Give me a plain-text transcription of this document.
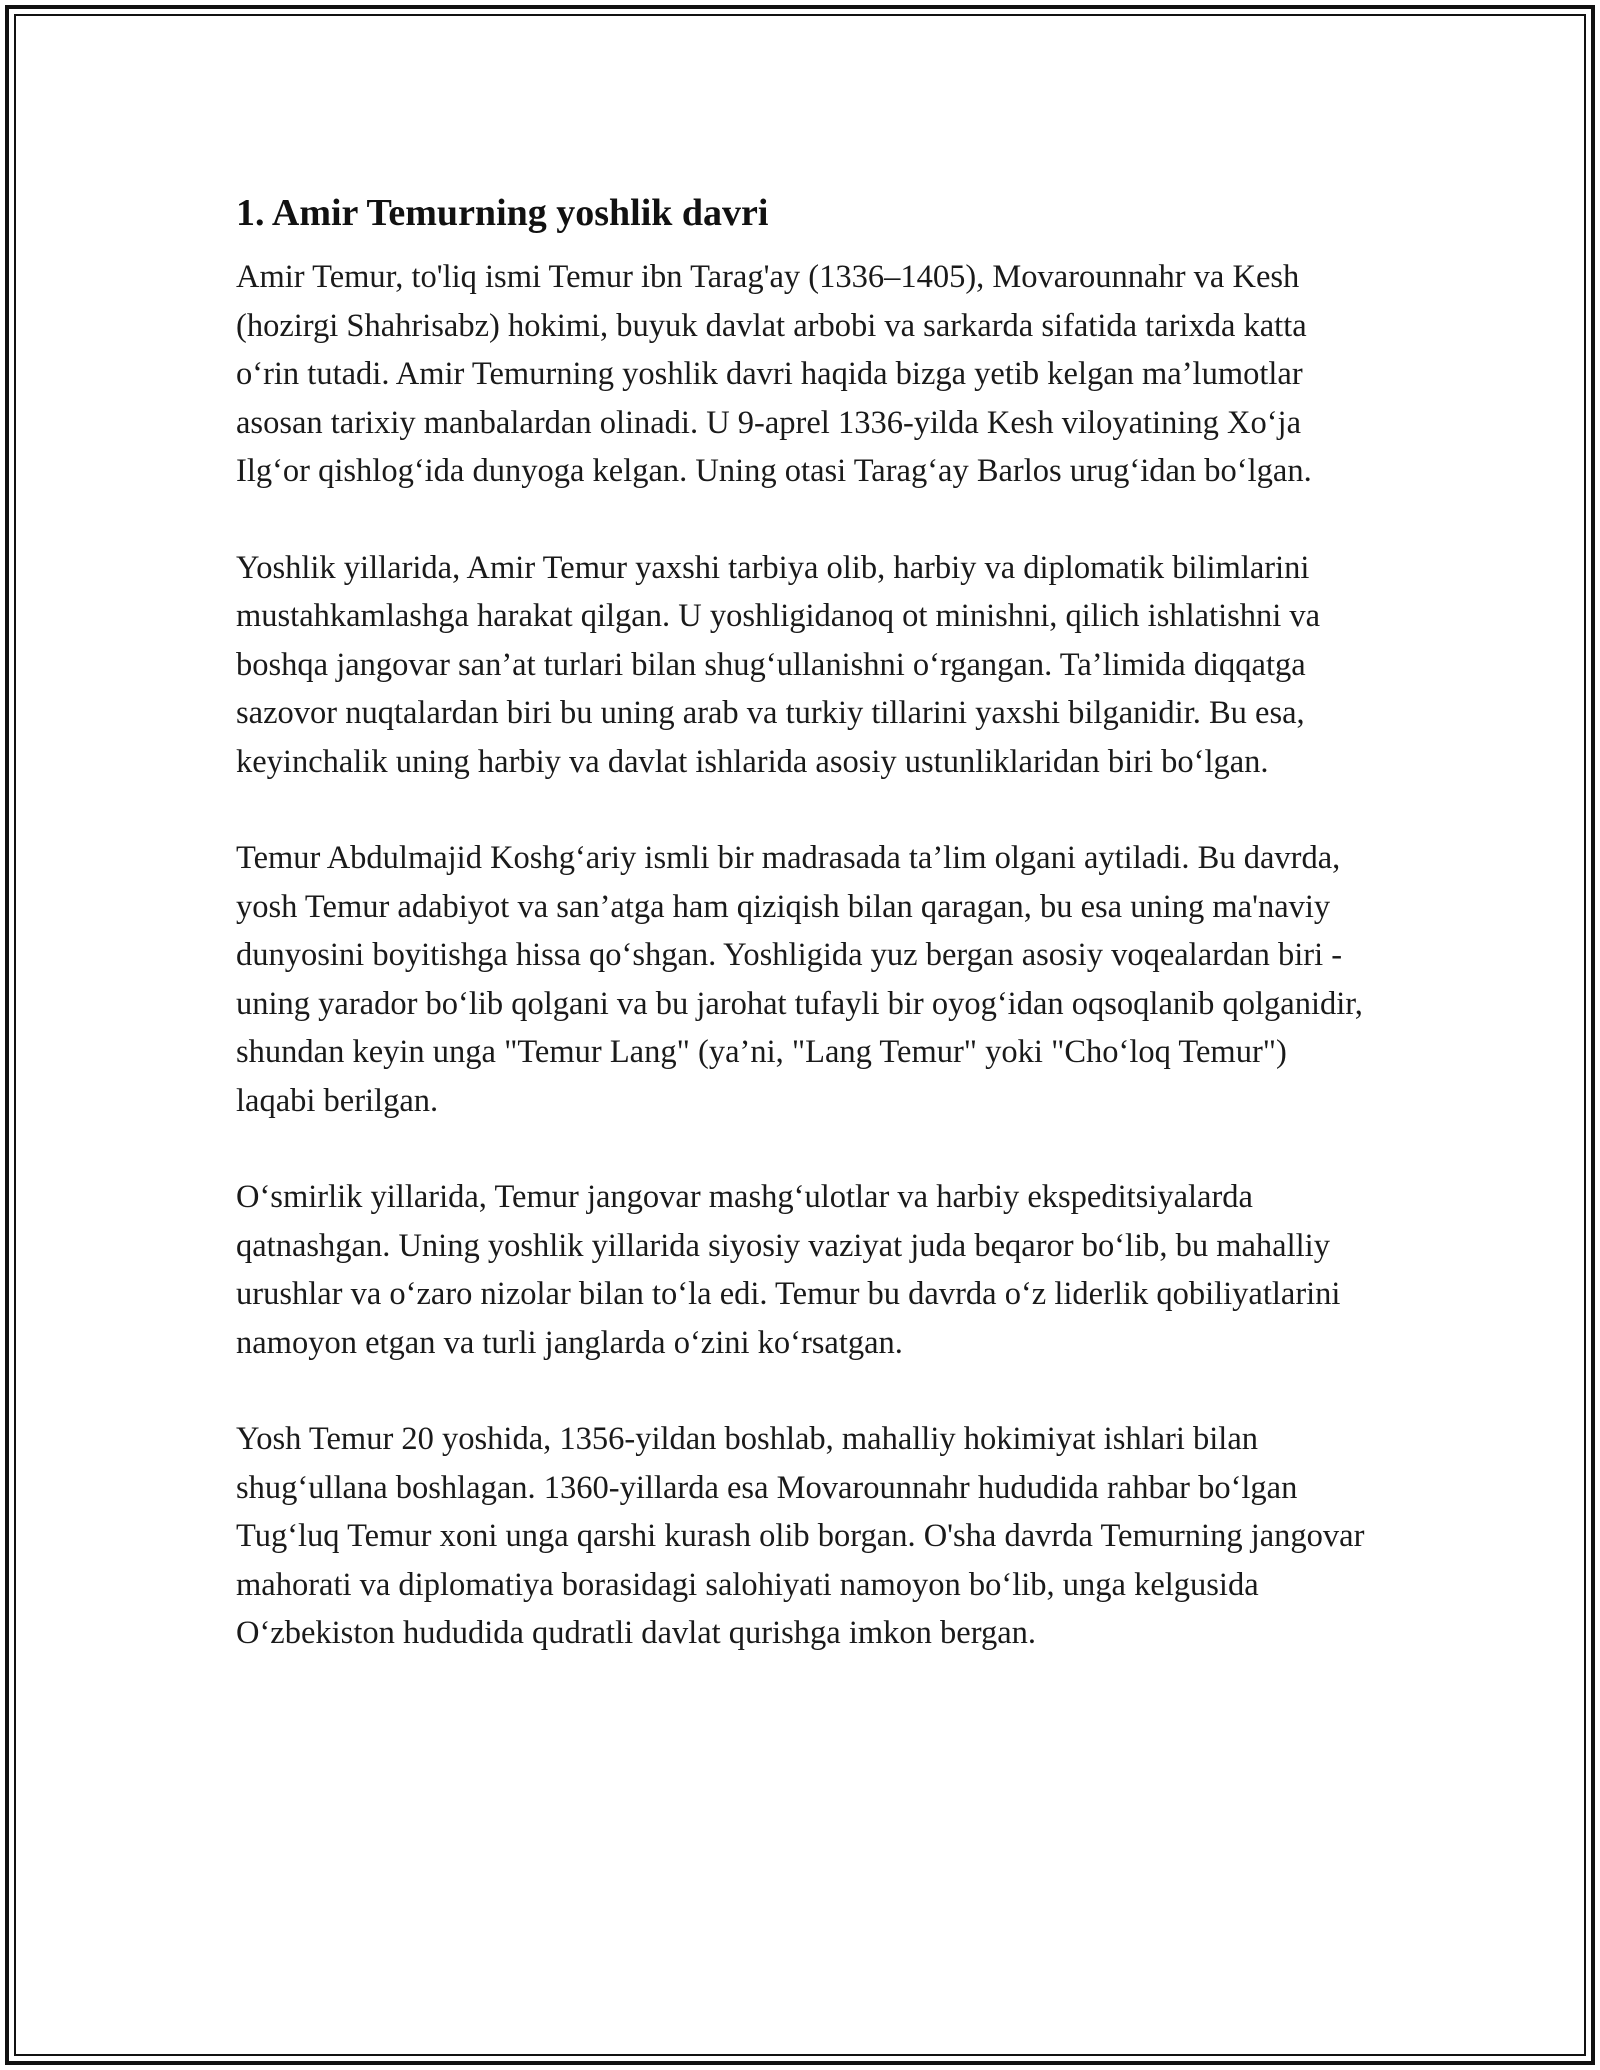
1. Amir Temurning yoshlik davri

Amir Temur, to'liq ismi Temur ibn Tarag'ay (1336–1405), Movarounnahr va Kesh (hozirgi Shahrisabz) hokimi, buyuk davlat arbobi va sarkarda sifatida tarixda katta o‘rin tutadi. Amir Temurning yoshlik davri haqida bizga yetib kelgan ma’lumotlar asosan tarixiy manbalardan olinadi. U 9-aprel 1336-yilda Kesh viloyatining Xo‘ja Ilg‘or qishlog‘ida dunyoga kelgan. Uning otasi Tarag‘ay Barlos urug‘idan bo‘lgan.

Yoshlik yillarida, Amir Temur yaxshi tarbiya olib, harbiy va diplomatik bilimlarini mustahkamlashga harakat qilgan. U yoshligidanoq ot minishni, qilich ishlatishni va boshqa jangovar san’at turlari bilan shug‘ullanishni o‘rgangan. Ta’limida diqqatga sazovor nuqtalardan biri bu uning arab va turkiy tillarini yaxshi bilganidir. Bu esa, keyinchalik uning harbiy va davlat ishlarida asosiy ustunliklaridan biri bo‘lgan.

Temur Abdulmajid Koshg‘ariy ismli bir madrasada ta’lim olgani aytiladi. Bu davrda, yosh Temur adabiyot va san’atga ham qiziqish bilan qaragan, bu esa uning ma'naviy dunyosini boyitishga hissa qo‘shgan. Yoshligida yuz bergan asosiy voqealardan biri - uning yarador bo‘lib qolgani va bu jarohat tufayli bir oyog‘idan oqsoqlanib qolganidir, shundan keyin unga "Temur Lang" (ya’ni, "Lang Temur" yoki "Cho‘loq Temur") laqabi berilgan.

O‘smirlik yillarida, Temur jangovar mashg‘ulotlar va harbiy ekspeditsiyalarda qatnashgan. Uning yoshlik yillarida siyosiy vaziyat juda beqaror bo‘lib, bu mahalliy urushlar va o‘zaro nizolar bilan to‘la edi. Temur bu davrda o‘z liderlik qobiliyatlarini namoyon etgan va turli janglarda o‘zini ko‘rsatgan.

Yosh Temur 20 yoshida, 1356-yildan boshlab, mahalliy hokimiyat ishlari bilan shug‘ullana boshlagan. 1360-yillarda esa Movarounnahr hududida rahbar bo‘lgan Tug‘luq Temur xoni unga qarshi kurash olib borgan. O'sha davrda Temurning jangovar mahorati va diplomatiya borasidagi salohiyati namoyon bo‘lib, unga kelgusida O‘zbekiston hududida qudratli davlat qurishga imkon bergan.
